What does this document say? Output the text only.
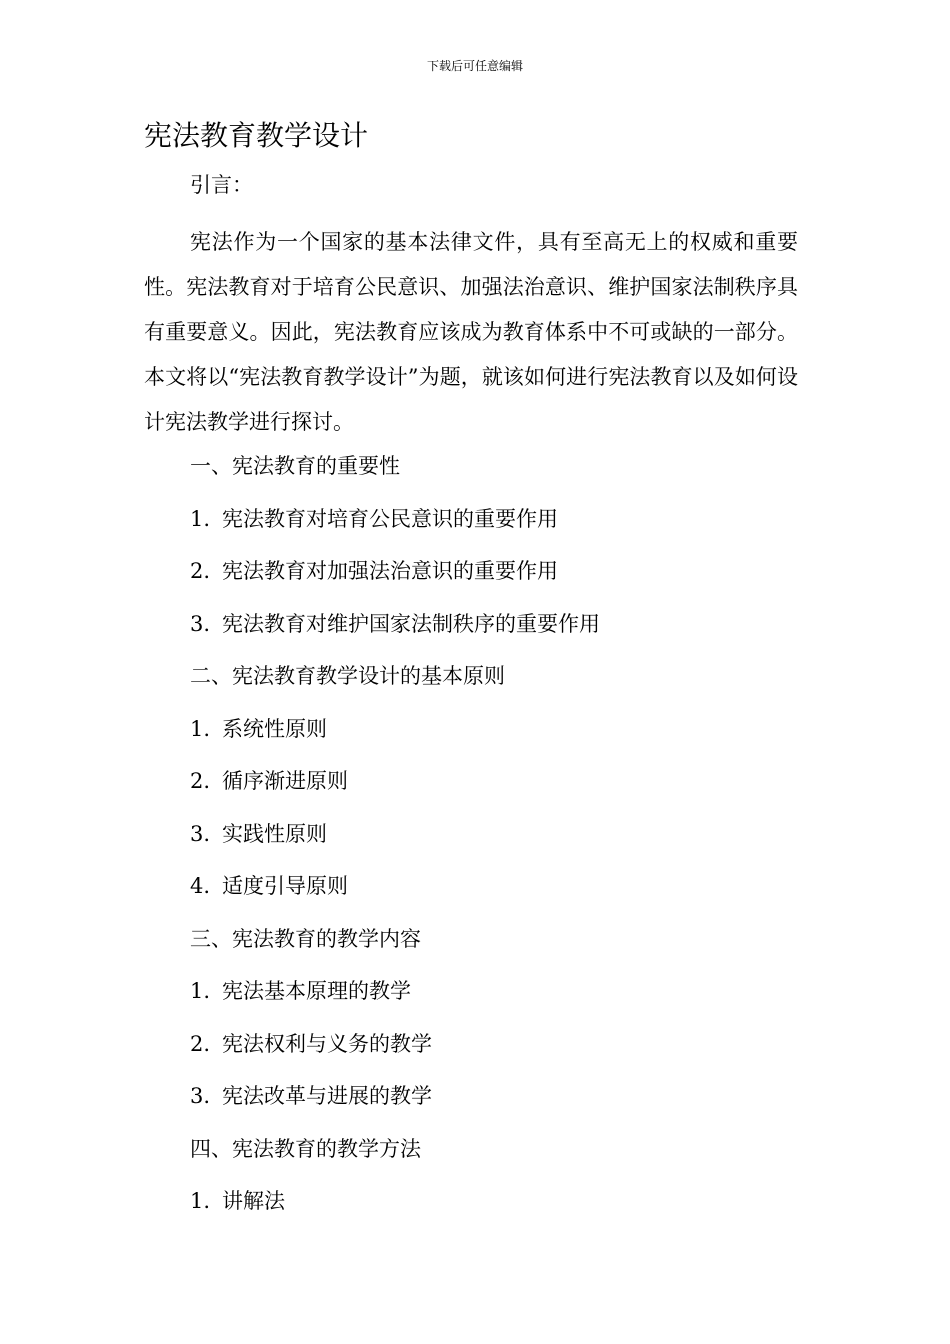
下载后可任意编辑
宪法教育教学设计
引言：

宪法作为一个国家的基本法律文件，具有至高无上的权威和重要性。宪法教育对于培育公民意识、加强法治意识、维护国家法制秩序具有重要意义。因此，宪法教育应该成为教育体系中不可或缺的一部分。本文将以“宪法教育教学设计”为题，就该如何进行宪法教育以及如何设计宪法教学进行探讨。

一、宪法教育的重要性
1. 宪法教育对培育公民意识的重要作用
2. 宪法教育对加强法治意识的重要作用
3. 宪法教育对维护国家法制秩序的重要作用
二、宪法教育教学设计的基本原则
1. 系统性原则
2. 循序渐进原则
3. 实践性原则
4. 适度引导原则
三、宪法教育的教学内容
1. 宪法基本原理的教学
2. 宪法权利与义务的教学
3. 宪法改革与进展的教学
四、宪法教育的教学方法
1. 讲解法
